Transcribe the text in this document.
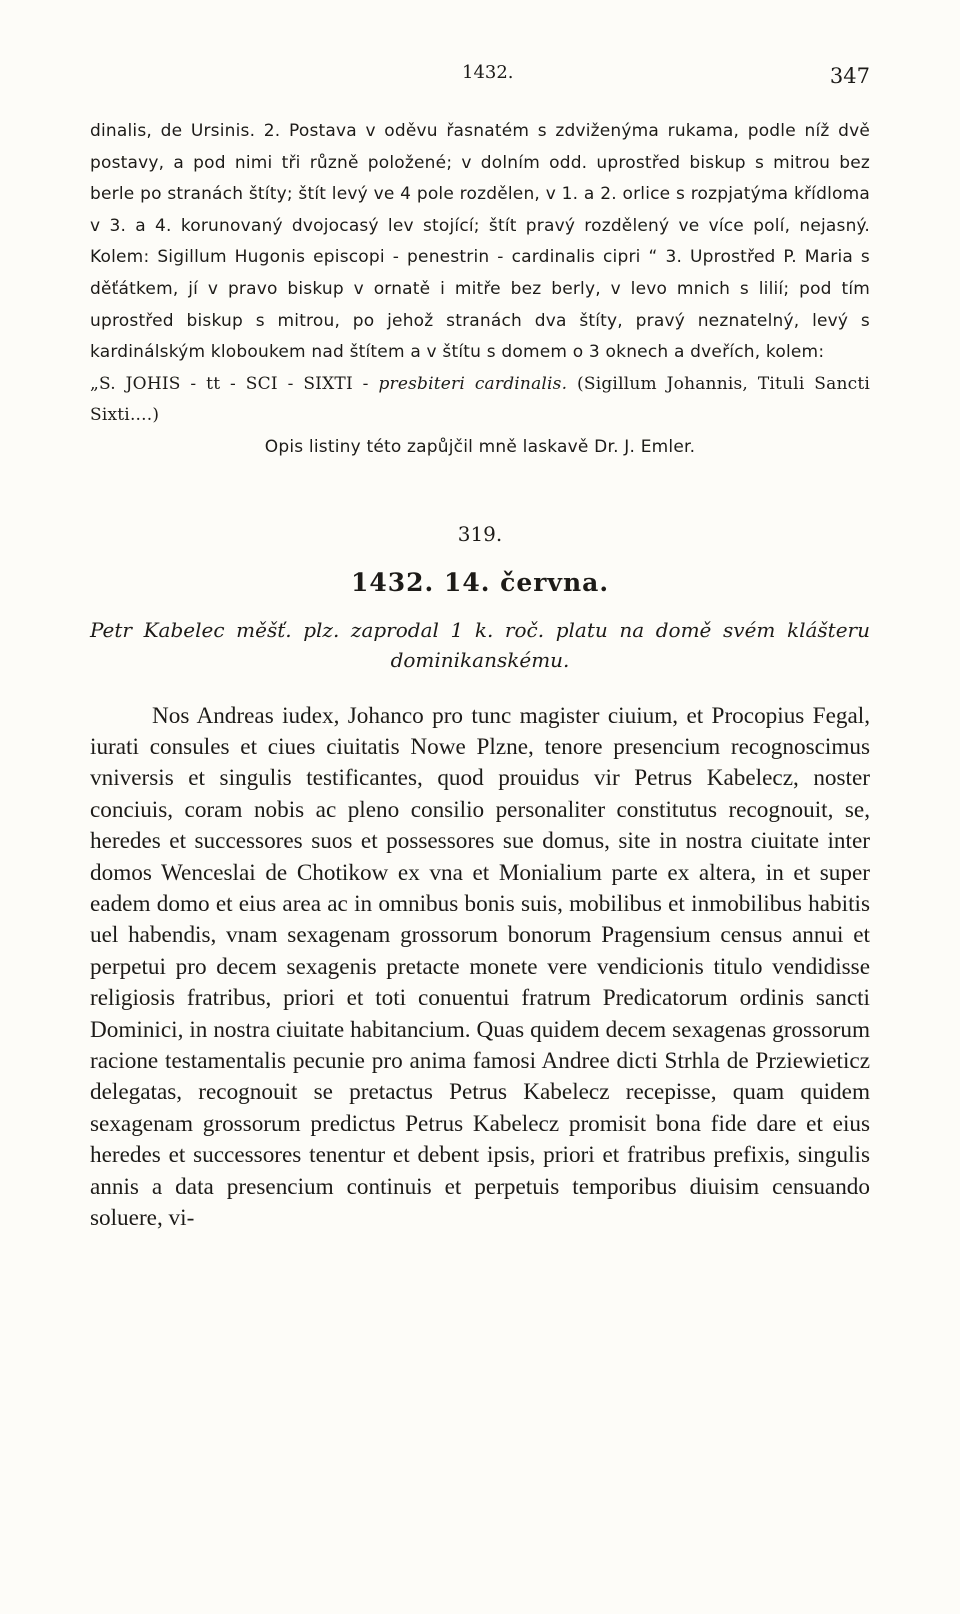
1432.	347

dinalis, de Ursinis. 2. Postava v oděvu řasnatém s zdviženýma rukama, podle níž dvě postavy, a pod nimi tři různě položené; v dolním odd. uprostřed biskup s mitrou bez berle po stranách štíty; štít levý ve 4 pole rozdělen, v 1. a 2. orlice s rozpjatýma křídloma v 3. a 4. korunovaný dvojocasý lev stojící; štít pravý rozdělený ve více polí, nejasný. Kolem: Sigillum Hugonis episcopi - penestrin - cardinalis cipri “ 3. Uprostřed P. Maria s děťátkem, jí v pravo biskup v ornatě i mitře bez berly, v levo mnich s lilií; pod tím uprostřed biskup s mitrou, po jehož stranách dva štíty, pravý neznatelný, levý s kardinálským kloboukem nad štítem a v štítu s domem o 3 oknech a dveřích, kolem:

„S. JOHIS - tt - SCI - SIXTI - presbiteri cardinalis. (Sigillum Johannis, Tituli Sancti Sixti....)

Opis listiny této zapůjčil mně laskavě Dr. J. Emler.

319.
1432. 14. června.
Petr Kabelec měšť. plz. zaprodal 1 k. roč. platu na domě svém klášteru dominikanskému.

Nos Andreas iudex, Johanco pro tunc magister ciuium, et Procopius Fegal, iurati consules et ciues ciuitatis Nowe Plzne, tenore presencium recognoscimus vniversis et singulis testificantes, quod prouidus vir Petrus Kabelecz, noster conciuis, coram nobis ac pleno consilio personaliter constitutus recognouit, se, heredes et successores suos et possessores sue domus, site in nostra ciuitate inter domos Wenceslai de Chotikow ex vna et Monialium parte ex altera, in et super eadem domo et eius area ac in omnibus bonis suis, mobilibus et inmobilibus habitis uel habendis, vnam sexagenam grossorum bonorum Pragensium census annui et perpetui pro decem sexagenis pretacte monete vere vendicionis titulo vendidisse religiosis fratribus, priori et toti conuentui fratrum Predicatorum ordinis sancti Dominici, in nostra ciuitate habitancium. Quas quidem decem sexagenas grossorum racione testamentalis pecunie pro anima famosi Andree dicti Strhla de Prziewieticz delegatas, recognouit se pretactus Petrus Kabelecz recepisse, quam quidem sexagenam grossorum predictus Petrus Kabelecz promisit bona fide dare et eius heredes et successores tenentur et debent ipsis, priori et fratribus prefixis, singulis annis a data presencium continuis et perpetuis temporibus diuisim censuando soluere, vi-
